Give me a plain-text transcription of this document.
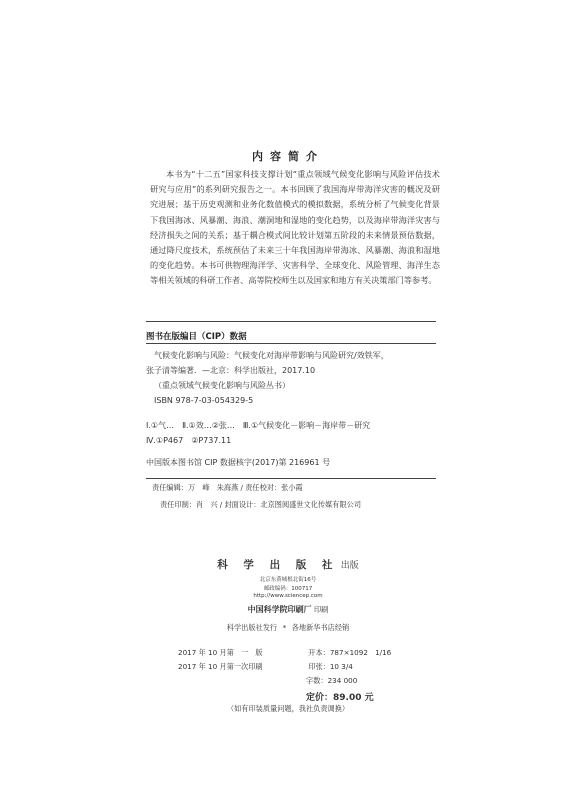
内容简介
本书为“十二五”国家科技支撑计划“重点领域气候变化影响与风险评估技术研究与应用”的系列研究报告之一。本书回顾了我国海岸带海洋灾害的概况及研究进展；基于历史观测和业务化数值模式的模拟数据，系统分析了气候变化背景下我国海冰、风暴潮、海浪、潮洞地和湿地的变化趋势，以及海岸带海洋灾害与经济损失之间的关系；基于耦合模式间比较计划第五阶段的未来情景预估数据，通过降尺度技术，系统预估了未来三十年我国海岸带海冰、风暴潮、海浪和湿地的变化趋势。本书可供物理海洋学、灾害科学、全球变化、风险管理、海洋生态等相关领域的科研工作者、高等院校师生以及国家和地方有关决策部门等参考。
图书在版编目（CIP）数据
气候变化影响与风险：气候变化对海岸带影响与风险研究/效铁军，
张子清等编著．—北京：科学出版社，2017.10
（重点领域气候变化影响与风险丛书）
ISBN 978-7-03-054329-5
Ⅰ.①气…　Ⅱ.①效…②张…　Ⅲ.①气候变化－影响－海岸带－研究
Ⅳ.①P467　②P737.11
中国版本图书馆 CIP 数据核字(2017)第 216961 号
责任编辑：万　峰　朱海燕 / 责任校对：张小霞
责任印制：肖　兴 / 封面设计：北京图阅盛世文化传媒有限公司
科 学 出 版 社 出版
北京东黄城根北街16号
邮政编码：100717
http://www.sciencep.com
中国科学院印刷厂 印刷
科学出版社发行 * 各地新华书店经销
2017 年 10 月第　一　版	开本：787×1092　1/16
2017 年 10 月第一次印刷	印张：10 3/4
字数：234 000
定价：89.00 元
（如有印装质量问题，我社负责调换）
